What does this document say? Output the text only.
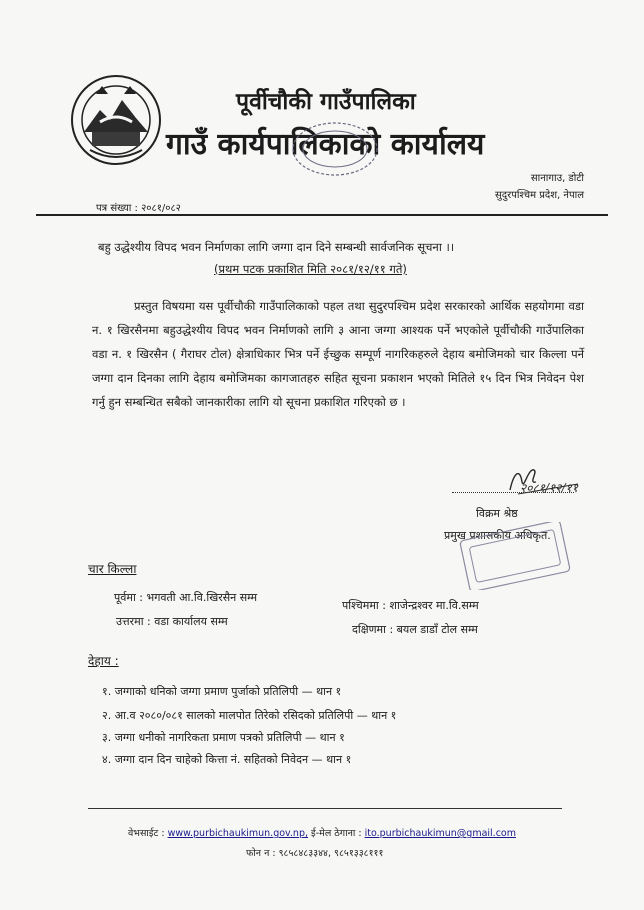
पूर्वीचौकी गाउँपालिका
गाउँ कार्यपालिकाको कार्यालय
सानागाउ, डोटी
सुदुरपश्चिम प्रदेश, नेपाल
पत्र संख्या : २०८१/०८२
बहु उद्धेश्यीय विपद भवन निर्माणका लागि जग्गा दान दिने सम्बन्धी सार्वजनिक सूचना ।।
(प्रथम पटक प्रकाशित मिति २०८१/१२/११ गते)
प्रस्तुत विषयमा यस पूर्वीचौकी गाउँपालिकाको पहल तथा सुदुरपश्चिम प्रदेश सरकारको आर्थिक सहयोगमा वडा न. १ खिरसैनमा बहुउद्धेश्यीय विपद भवन निर्माणको लागि ३ आना जग्गा आश्यक पर्ने भएकोले पूर्वीचौकी गाउँपालिका वडा न. १ खिरसैन ( गैराघर टोल) क्षेत्राधिकार भित्र पर्ने ईच्छुक सम्पूर्ण नागरिकहरुले देहाय बमोजिमको चार किल्ला पर्ने जग्गा दान दिनका लागि देहाय बमोजिमका कागजातहरु सहित सूचना प्रकाशन भएको मितिले १५ दिन भित्र निवेदन पेश गर्नु हुन सम्बन्धित सबैको जानकारीका लागि यो सूचना प्रकाशित गरिएको छ ।
२०८१/१२/११
विक्रम श्रेष्ठ
प्रमुख प्रशासकीय अधिकृत.
चार किल्ला
पूर्वमा : भगवती आ.वि.खिरसैन सम्म
पश्चिममा : शाजेन्द्रश्वर मा.वि.सम्म
उत्तरमा : वडा कार्यालय सम्म
दक्षिणमा : बयल डाडाँ टोल सम्म
देहाय :
१. जग्गाको धनिको जग्गा प्रमाण पुर्जाको प्रतिलिपी — थान १
२. आ.व २०८०/०८१ सालको मालपोत तिरेको रसिदको प्रतिलिपी — थान १
३. जग्गा धनीको नागरिकता प्रमाण पत्रको प्रतिलिपी — थान १
४. जग्गा दान दिन चाहेको कित्ता नं. सहितको निवेदन — थान १
वेभसाईट : www.purbichaukimun.gov.np, ई-मेल ठेगाना : ito.purbichaukimun@gmail.com
फोन न : ९८५८४८३३४४, ९८५१३३८१११
